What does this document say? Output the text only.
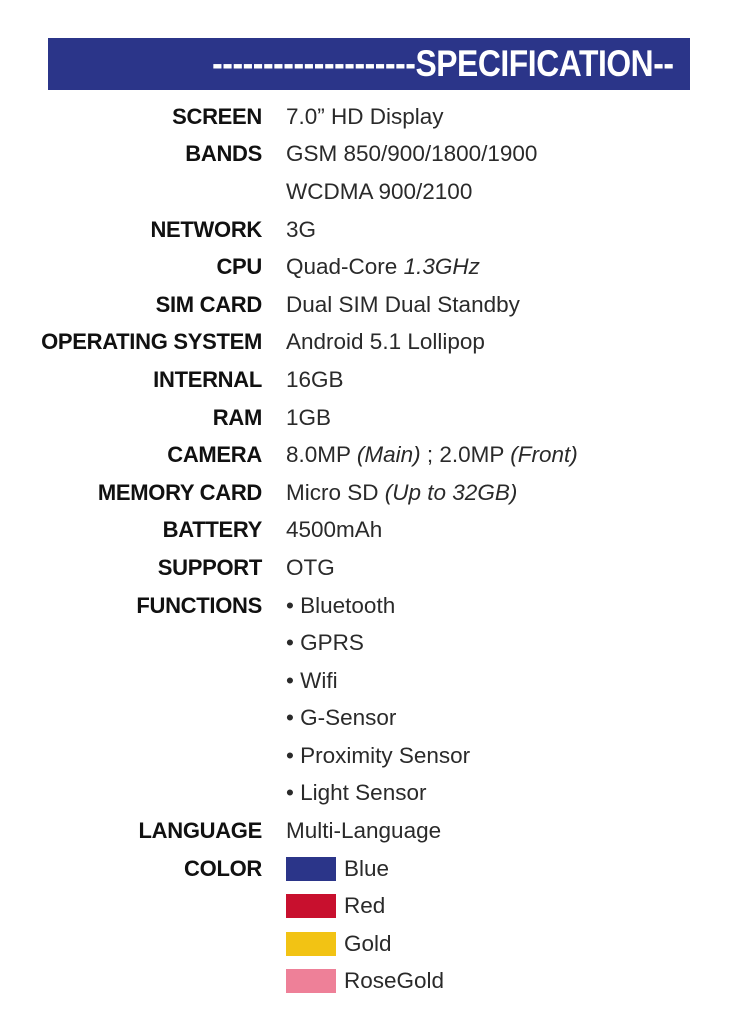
--------------------SPECIFICATION--
SCREEN 7.0” HD Display
BANDS GSM 850/900/1800/1900
WCDMA 900/2100
NETWORK 3G
CPU Quad-Core 1.3GHz
SIM CARD Dual SIM Dual Standby
OPERATING SYSTEM Android 5.1 Lollipop
INTERNAL 16GB
RAM 1GB
CAMERA 8.0MP (Main) ; 2.0MP (Front)
MEMORY CARD Micro SD (Up to 32GB)
BATTERY 4500mAh
SUPPORT OTG
FUNCTIONS • Bluetooth
• GPRS
• Wifi
• G-Sensor
• Proximity Sensor
• Light Sensor
LANGUAGE Multi-Language
COLOR	Blue
Red
Gold
RoseGold
